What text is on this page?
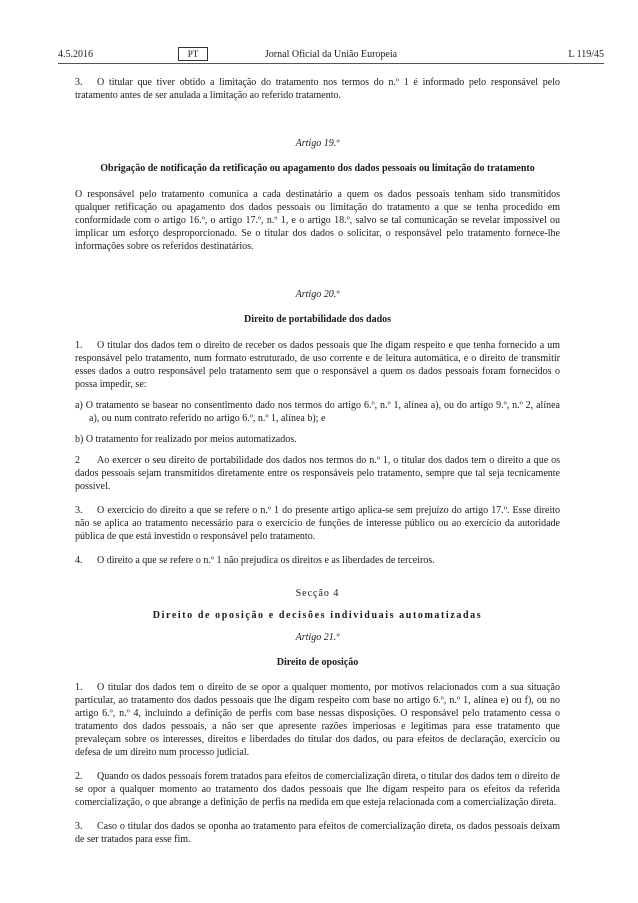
4.5.2016	PT	Jornal Oficial da União Europeia	L 119/45

3. O titular que tiver obtido a limitação do tratamento nos termos do n.º 1 é informado pelo responsável pelo tratamento antes de ser anulada a limitação ao referido tratamento.

Artigo 19.º

Obrigação de notificação da retificação ou apagamento dos dados pessoais ou limitação do tratamento

O responsável pelo tratamento comunica a cada destinatário a quem os dados pessoais tenham sido transmitidos qualquer retificação ou apagamento dos dados pessoais ou limitação do tratamento a que se tenha procedido em conformidade com o artigo 16.º, o artigo 17.º, n.º 1, e o artigo 18.º, salvo se tal comunicação se revelar impossível ou implicar um esforço desproporcionado. Se o titular dos dados o solicitar, o responsável pelo tratamento fornece-lhe informações sobre os referidos destinatários.

Artigo 20.º

Direito de portabilidade dos dados

1. O titular dos dados tem o direito de receber os dados pessoais que lhe digam respeito e que tenha fornecido a um responsável pelo tratamento, num formato estruturado, de uso corrente e de leitura automática, e o direito de transmitir esses dados a outro responsável pelo tratamento sem que o responsável a quem os dados pessoais foram fornecidos o possa impedir, se:

a) O tratamento se basear no consentimento dado nos termos do artigo 6.º, n.º 1, alínea a), ou do artigo 9.º, n.º 2, alínea a), ou num contrato referido no artigo 6.º, n.º 1, alínea b); e

b) O tratamento for realizado por meios automatizados.

2 Ao exercer o seu direito de portabilidade dos dados nos termos do n.º 1, o titular dos dados tem o direito a que os dados pessoais sejam transmitidos diretamente entre os responsáveis pelo tratamento, sempre que tal seja tecnicamente possível.

3. O exercício do direito a que se refere o n.º 1 do presente artigo aplica-se sem prejuízo do artigo 17.º. Esse direito não se aplica ao tratamento necessário para o exercício de funções de interesse público ou ao exercício da autoridade pública de que está investido o responsável pelo tratamento.

4. O direito a que se refere o n.º 1 não prejudica os direitos e as liberdades de terceiros.

Secção 4

Direito de oposição e decisões individuais automatizadas

Artigo 21.º

Direito de oposição

1. O titular dos dados tem o direito de se opor a qualquer momento, por motivos relacionados com a sua situação particular, ao tratamento dos dados pessoais que lhe digam respeito com base no artigo 6.º, n.º 1, alínea e) ou f), ou no artigo 6.º, n.º 4, incluindo a definição de perfis com base nessas disposições. O responsável pelo tratamento cessa o tratamento dos dados pessoais, a não ser que apresente razões imperiosas e legítimas para esse tratamento que prevaleçam sobre os interesses, direitos e liberdades do titular dos dados, ou para efeitos de declaração, exercício ou defesa de um direito num processo judicial.

2. Quando os dados pessoais forem tratados para efeitos de comercialização direta, o titular dos dados tem o direito de se opor a qualquer momento ao tratamento dos dados pessoais que lhe digam respeito para os efeitos da referida comercialização, o que abrange a definição de perfis na medida em que esteja relacionada com a comercialização direta.

3. Caso o titular dos dados se oponha ao tratamento para efeitos de comercialização direta, os dados pessoais deixam de ser tratados para esse fim.
